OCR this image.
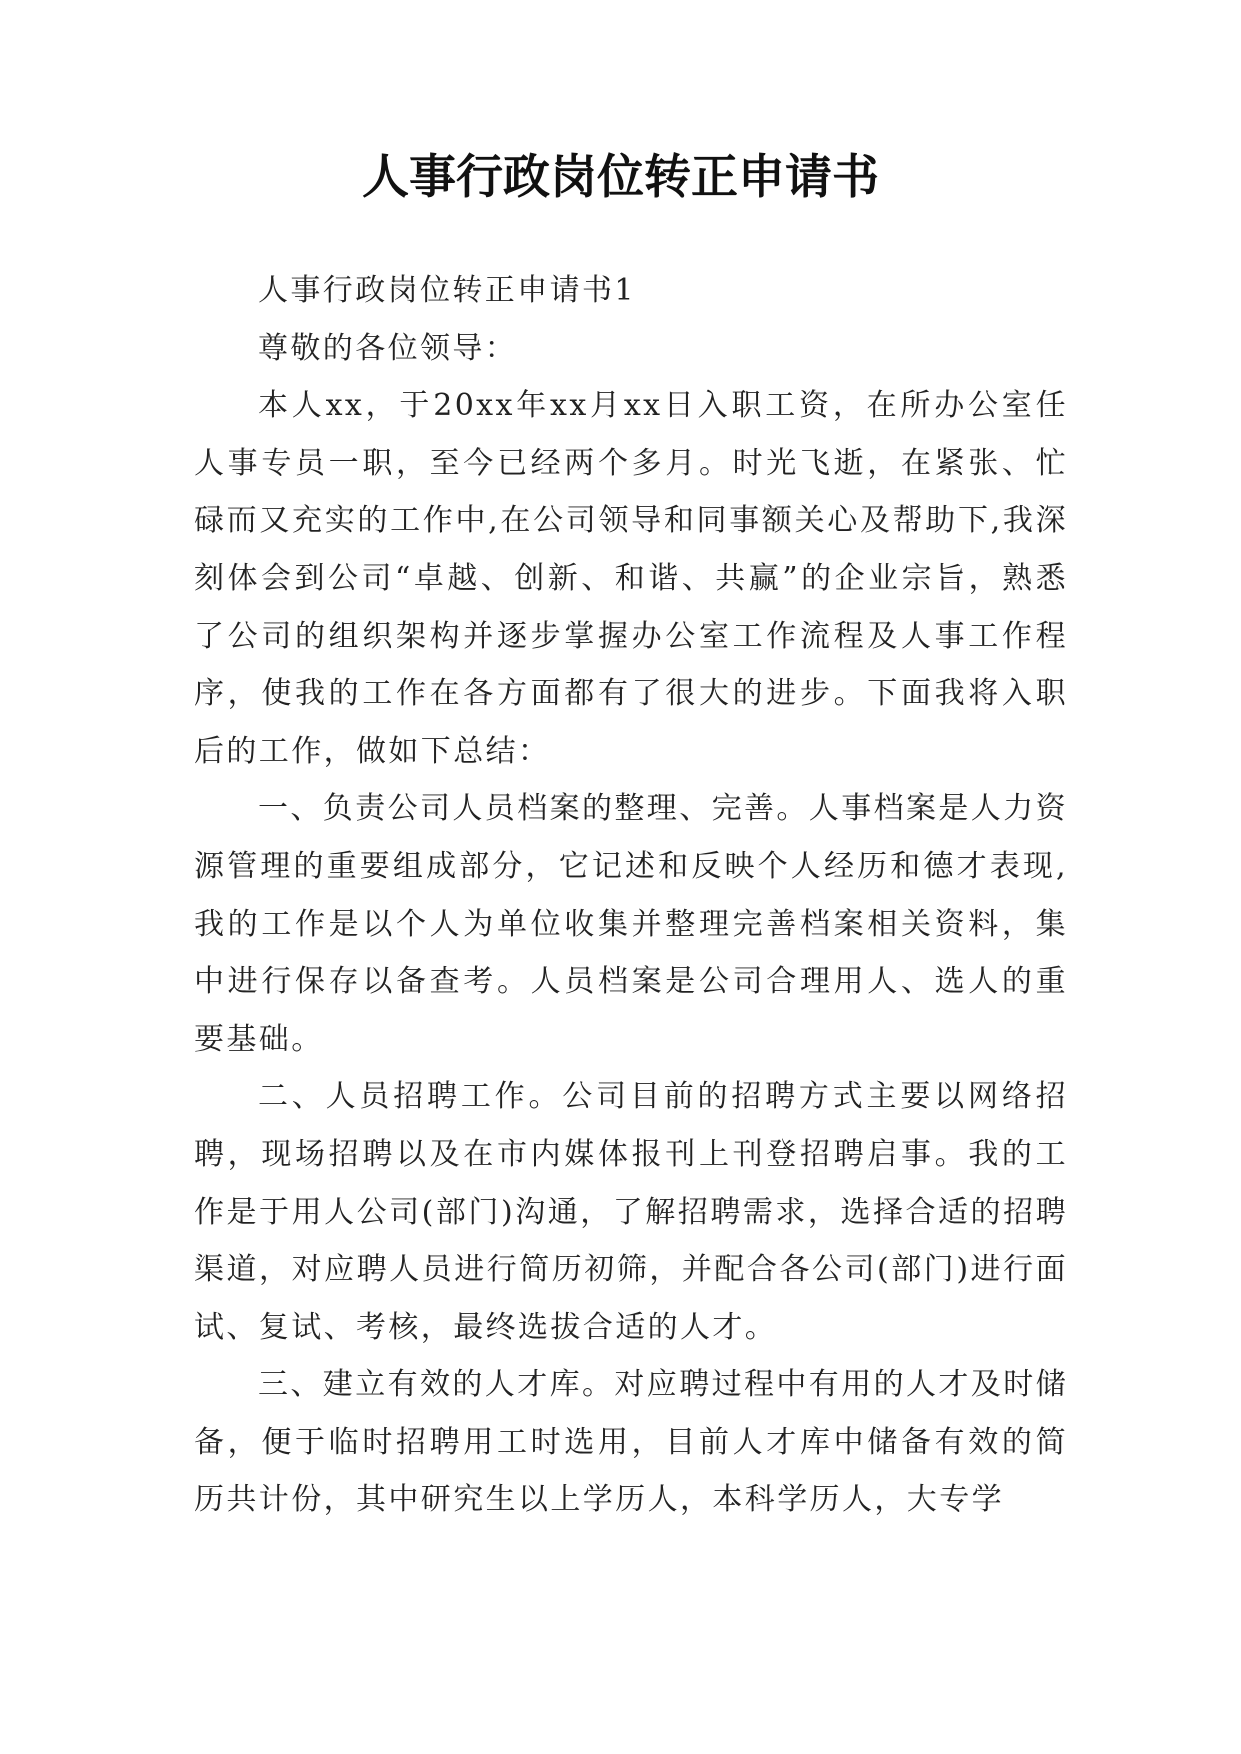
人事行政岗位转正申请书

人事行政岗位转正申请书1

尊敬的各位领导：

本人xx，于20xx年xx月xx日入职工资，在所办公室任人事专员一职，至今已经两个多月。时光飞逝，在紧张、忙碌而又充实的工作中,在公司领导和同事额关心及帮助下,我深刻体会到公司“卓越、创新、和谐、共赢”的企业宗旨，熟悉了公司的组织架构并逐步掌握办公室工作流程及人事工作程序，使我的工作在各方面都有了很大的进步。下面我将入职后的工作，做如下总结：

一、负责公司人员档案的整理、完善。人事档案是人力资源管理的重要组成部分，它记述和反映个人经历和德才表现,我的工作是以个人为单位收集并整理完善档案相关资料，集中进行保存以备查考。人员档案是公司合理用人、选人的重要基础。

二、人员招聘工作。公司目前的招聘方式主要以网络招聘，现场招聘以及在市内媒体报刊上刊登招聘启事。我的工作是于用人公司(部门)沟通，了解招聘需求，选择合适的招聘渠道，对应聘人员进行简历初筛，并配合各公司(部门)进行面试、复试、考核，最终选拔合适的人才。

三、建立有效的人才库。对应聘过程中有用的人才及时储备，便于临时招聘用工时选用，目前人才库中储备有效的简历共计份，其中研究生以上学历人，本科学历人，大专学
